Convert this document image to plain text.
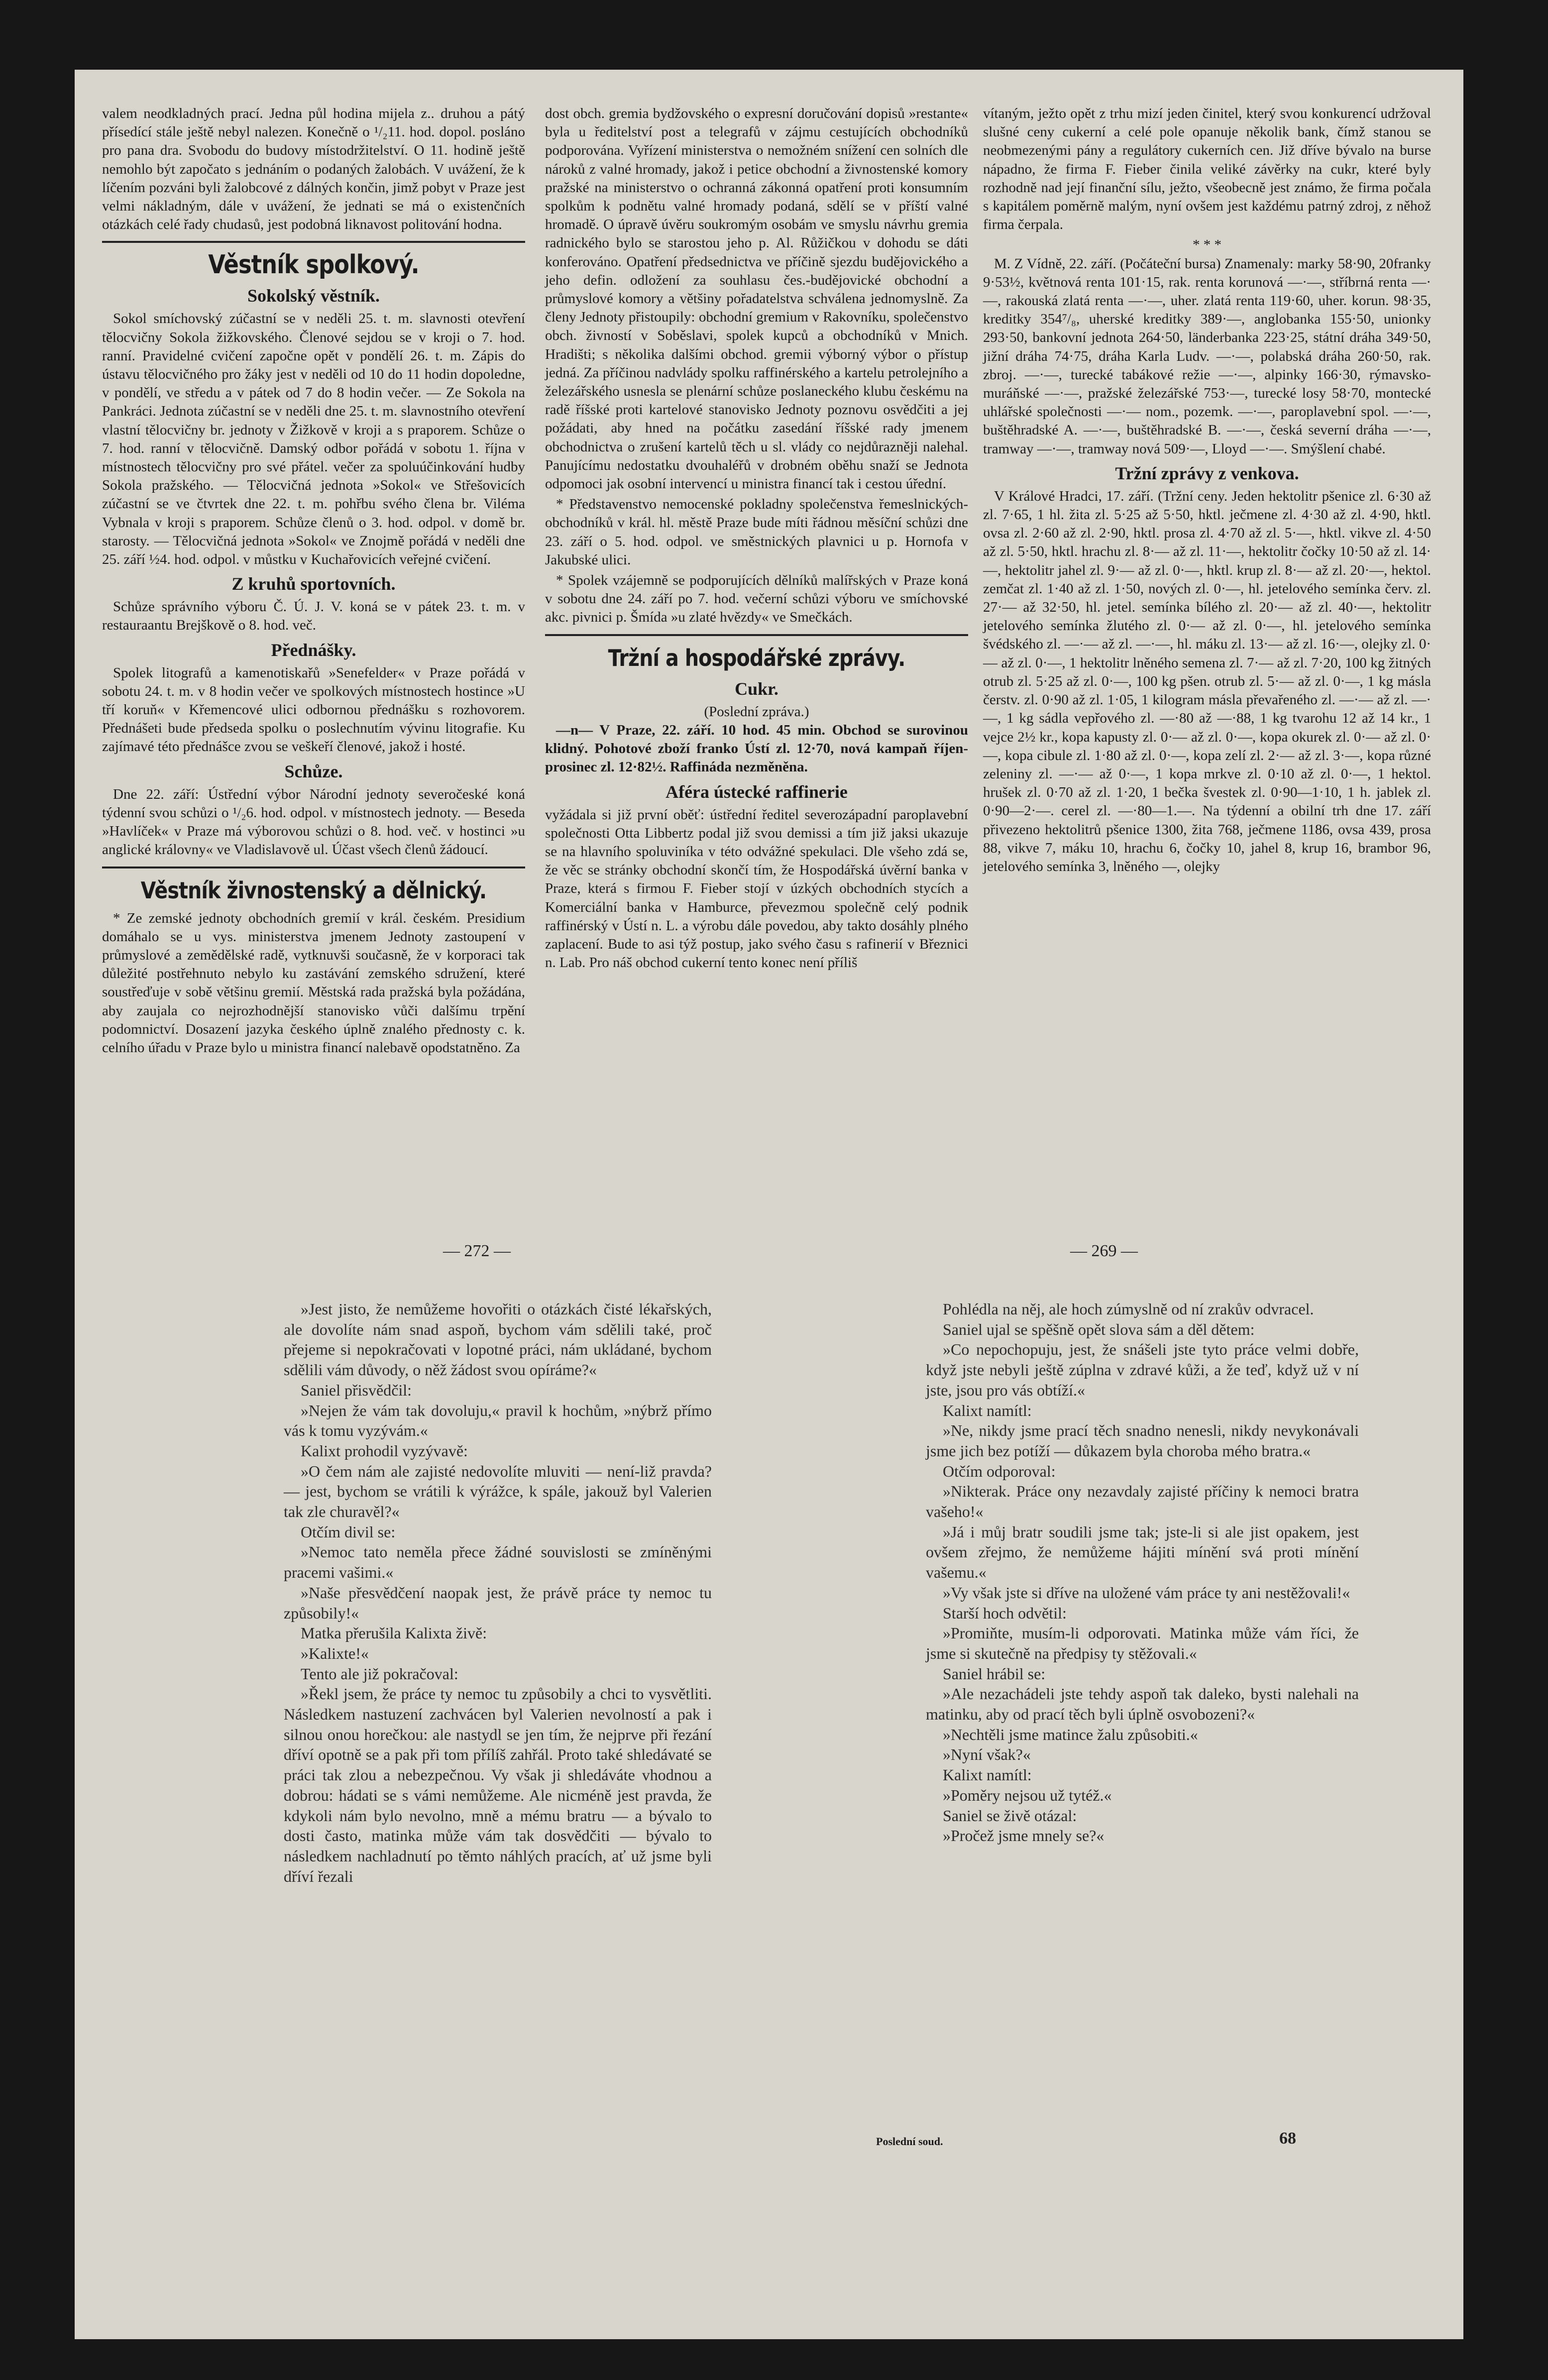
valem neodkladných prací. Jedna půl hodina mijela z.. druhou a pátý přísedící stále ještě nebyl nalezen. Konečně o ¹/₂11. hod. dopol. posláno pro pana dra. Svobodu do budovy místodržitelství. O 11. hodině ještě nemohlo být započato s jednáním o podaných žalobách. V uvážení, že k líčením pozváni byli žalobcové z dálných končin, jimž pobyt v Praze jest velmi nákladným, dále v uvážení, že jednati se má o existenčních otázkách celé řady chudasů, jest podobná liknavost politování hodna.

Věstník spolkový.
Sokolský věstník.

Sokol smíchovský zúčastní se v neděli 25. t. m. slavnosti otevření tělocvičny Sokola žižkovského. Členové sejdou se v kroji o 7. hod. ranní. Pravidelné cvičení započne opět v pondělí 26. t. m. Zápis do ústavu tělocvičného pro žáky jest v neděli od 10 do 11 hodin dopoledne, v pondělí, ve středu a v pátek od 7 do 8 hodin večer. — Ze Sokola na Pankráci. Jednota zúčastní se v neděli dne 25. t. m. slavnostního otevření vlastní tělocvičny br. jednoty v Žižkově v kroji a s praporem. Schůze o 7. hod. ranní v tělocvičně. Damský odbor pořádá v sobotu 1. října v místnostech tělocvičny pro své přátel. večer za spoluúčinkování hudby Sokola pražského. — Tělocvičná jednota »Sokol« ve Střešovicích zúčastní se ve čtvrtek dne 22. t. m. pohřbu svého člena br. Viléma Vybnala v kroji s praporem. Schůze členů o 3. hod. odpol. v domě br. starosty. — Tělocvičná jednota »Sokol« ve Znojmě pořádá v neděli dne 25. září ½4. hod. odpol. v můstku v Kuchařovicích veřejné cvičení.

Z kruhů sportovních.

Schůze správního výboru Č. Ú. J. V. koná se v pátek 23. t. m. v restauraantu Brejškově o 8. hod. več.

Přednášky.

Spolek litografů a kamenotiskařů »Senefelder« v Praze pořádá v sobotu 24. t. m. v 8 hodin večer ve spolkových místnostech hostince »U tří koruň« v Křemencové ulici odbornou přednášku s rozhovorem. Přednášeti bude předseda spolku o poslechnutím vývinu litografie. Ku zajímavé této přednášce zvou se veškeří členové, jakož i hosté.

Schůze.

Dne 22. září: Ústřední výbor Národní jednoty severočeské koná týdenní svou schůzi o ¹/₂6. hod. odpol. v místnostech jednoty. — Beseda »Havlíček« v Praze má výborovou schůzi o 8. hod. več. v hostinci »u anglické královny« ve Vladislavově ul. Účast všech členů žádoucí.

Věstník živnostenský a dělnický.

* Ze zemské jednoty obchodních gremií v král. českém. Presidium domáhalo se u vys. ministerstva jmenem Jednoty zastoupení v průmyslové a zemědělské radě, vytknuvši současně, že v korporaci tak důležité postřehnuto nebylo ku zastávání zemského sdružení, které soustřeďuje v sobě většinu gremií. Městská rada pražská byla požádána, aby zaujala co nejrozhodnější stanovisko vůči dalšímu trpění podomnictví. Dosazení jazyka českého úplně znalého přednosty c. k. celního úřadu v Praze bylo u ministra financí nalebavě opodstatněno. Za

dost obch. gremia bydžovského o expresní doručování dopisů »restante« byla u ředitelství post a telegrafů v zájmu cestujících obchodníků podporována. Vyřízení ministerstva o nemožném snížení cen solních dle nároků z valné hromady, jakož i petice obchodní a živnostenské komory pražské na ministerstvo o ochranná zákonná opatření proti konsumním spolkům k podnětu valné hromady podaná, sdělí se v příští valné hromadě. O úpravě úvěru soukromým osobám ve smyslu návrhu gremia radnického bylo se starostou jeho p. Al. Růžičkou v dohodu se dáti konferováno. Opatření předsednictva ve příčině sjezdu budějovického a jeho defin. odložení za souhlasu čes.-budějovické obchodní a průmyslové komory a většiny pořadatelstva schválena jednomyslně. Za členy Jednoty přistoupily: obchodní gremium v Rakovníku, společenstvo obch. živností v Soběslavi, spolek kupců a obchodníků v Mnich. Hradišti; s několika dalšími obchod. gremii výborný výbor o přístup jedná. Za příčinou nadvlády spolku raffinérského a kartelu petrolejního a železářského usnesla se plenární schůze poslaneckého klubu českému na radě říšské proti kartelové stanovisko Jednoty poznovu osvědčiti a jej požádati, aby hned na počátku zasedání říšské rady jmenem obchodnictva o zrušení kartelů těch u sl. vlády co nejdůrazněji nalehal. Panujícímu nedostatku dvouhaléřů v drobném oběhu snaží se Jednota odpomoci jak osobní intervencí u ministra financí tak i cestou úřední.

* Představenstvo nemocenské pokladny společenstva řemeslnických-obchodníků v král. hl. městě Praze bude míti řádnou měsíční schůzi dne 23. září o 5. hod. odpol. ve směstnických plavnici u p. Hornofa v Jakubské ulici.

* Spolek vzájemně se podporujících dělníků malířských v Praze koná v sobotu dne 24. září po 7. hod. večerní schůzi výboru ve smíchovské akc. pivnici p. Šmída »u zlaté hvězdy« ve Smečkách.

Tržní a hospodářské zprávy.
Cukr.
(Poslední zpráva.)

—n— V Praze, 22. září. 10 hod. 45 min. Obchod se surovinou klidný. Pohotové zboží franko Ústí zl. 12·70, nová kampaň říjen-prosinec zl. 12·82½. Raffináda nezměněna.

Aféra ústecké raffinerie

vyžádala si již první oběť: ústřední ředitel severozápadní paroplavební společnosti Otta Libbertz podal již svou demissi a tím již jaksi ukazuje se na hlavního spoluviníka v této odvážné spekulaci. Dle všeho zdá se, že věc se stránky obchodní skončí tím, že Hospodářská úvěrní banka v Praze, která s firmou F. Fieber stojí v úzkých obchodních stycích a Komerciální banka v Hamburce, převezmou společně celý podnik raffinérský v Ústí n. L. a výrobu dále povedou, aby takto dosáhly plného zaplacení. Bude to asi týž postup, jako svého času s rafinerií v Březnici n. Lab. Pro náš obchod cukerní tento konec není příliš

vítaným, ježto opět z trhu mizí jeden činitel, který svou konkurencí udržoval slušné ceny cukerní a celé pole opanuje několik bank, čímž stanou se neobmezenými pány a regulátory cukerních cen. Již dříve bývalo na burse nápadno, že firma F. Fieber činila veliké závěrky na cukr, které byly rozhodně nad její finanční sílu, ježto, všeobecně jest známo, že firma počala s kapitálem poměrně malým, nyní ovšem jest každému patrný zdroj, z něhož firma čerpala.

* * *

M. Z Vídně, 22. září. (Počáteční bursa) Znamenaly: marky 58·90, 20franky 9·53½, květnová renta 101·15, rak. renta korunová —·—, stříbrná renta —·—, rakouská zlatá renta —·—, uher. zlatá renta 119·60, uher. korun. 98·35, kreditky 354⁷/₈, uherské kreditky 389·—, anglobanka 155·50, unionky 293·50, bankovní jednota 264·50, länderbanka 223·25, státní dráha 349·50, jižní dráha 74·75, dráha Karla Ludv. —·—, polabská dráha 260·50, rak. zbroj. —·—, turecké tabákové režie —·—, alpinky 166·30, rýmavsko-muráňské —·—, pražské železářské 753·—, turecké losy 58·70, montecké uhlářské společnosti —·— nom., pozemk. —·—, paroplavební spol. —·—, buštěhradské A. —·—, buštěhradské B. —·—, česká severní dráha —·—, tramway —·—, tramway nová 509·—, Lloyd —·—. Smýšlení chabé.

Tržní zprávy z venkova.

V Králové Hradci, 17. září. (Tržní ceny. Jeden hektolitr pšenice zl. 6·30 až zl. 7·65, 1 hl. žita zl. 5·25 až 5·50, hktl. ječmene zl. 4·30 až zl. 4·90, hktl. ovsa zl. 2·60 až zl. 2·90, hktl. prosa zl. 4·70 až zl. 5·—, hktl. vikve zl. 4·50 až zl. 5·50, hktl. hrachu zl. 8·— až zl. 11·—, hektolitr čočky 10·50 až zl. 14·—, hektolitr jahel zl. 9·— až zl. 0·—, hktl. krup zl. 8·— až zl. 20·—, hektol. zemčat zl. 1·40 až zl. 1·50, nových zl. 0·—, hl. jetelového semínka červ. zl. 27·— až 32·50, hl. jetel. semínka bílého zl. 20·— až zl. 40·—, hektolitr jetelového semínka žlutého zl. 0·— až zl. 0·—, hl. jetelového semínka švédského zl. —·— až zl. —·—, hl. máku zl. 13·— až zl. 16·—, olejky zl. 0·— až zl. 0·—, 1 hektolitr lněného semena zl. 7·— až zl. 7·20, 100 kg žitných otrub zl. 5·25 až zl. 0·—, 100 kg pšen. otrub zl. 5·— až zl. 0·—, 1 kg másla čerstv. zl. 0·90 až zl. 1·05, 1 kilogram másla převařeného zl. —·— až zl. —·—, 1 kg sádla vepřového zl. —·80 až —·88, 1 kg tvarohu 12 až 14 kr., 1 vejce 2½ kr., kopa kapusty zl. 0·— až zl. 0·—, kopa okurek zl. 0·— až zl. 0·—, kopa cibule zl. 1·80 až zl. 0·—, kopa zelí zl. 2·— až zl. 3·—, kopa různé zeleniny zl. —·— až 0·—, 1 kopa mrkve zl. 0·10 až zl. 0·—, 1 hektol. hrušek zl. 0·70 až zl. 1·20, 1 bečka švestek zl. 0·90—1·10, 1 h. jablek zl. 0·90—2·—. cerel zl. —·80—1.—. Na týdenní a obilní trh dne 17. září přivezeno hektolitrů pšenice 1300, žita 768, ječmene 1186, ovsa 439, prosa 88, vikve 7, máku 10, hrachu 6, čočky 10, jahel 8, krup 16, brambor 96, jetelového semínka 3, lněného —, olejky

— 272 —	— 269 —

»Jest jisto, že nemůžeme hovořiti o otázkách čisté lékařských, ale dovolíte nám snad aspoň, bychom vám sdělili také, proč přejeme si nepokračovati v lopotné práci, nám ukládané, bychom sdělili vám důvody, o něž žádost svou opíráme?«

Saniel přisvědčil:

»Nejen že vám tak dovoluju,« pravil k hochům, »nýbrž přímo vás k tomu vyzývám.«

Kalixt prohodil vyzývavě:

»O čem nám ale zajisté nedovolíte mluviti — není-liž pravda? — jest, bychom se vrátili k výrážce, k spále, jakouž byl Valerien tak zle churavěl?«

Otčím divil se:

»Nemoc tato neměla přece žádné souvislosti se zmíněnými pracemi vašimi.«

»Naše přesvědčení naopak jest, že právě práce ty nemoc tu způsobily!«

Matka přerušila Kalixta živě:

»Kalixte!«

Tento ale již pokračoval:

»Řekl jsem, že práce ty nemoc tu způsobily a chci to vysvětliti. Následkem nastuzení zachvácen byl Valerien nevolností a pak i silnou onou horečkou: ale nastydl se jen tím, že nejprve při řezání dříví opotně se a pak při tom přílíš zahřál. Proto také shledávaté se práci tak zlou a nebezpečnou. Vy však ji shledáváte vhodnou a dobrou: hádati se s vámi nemůžeme. Ale nicméně jest pravda, že kdykoli nám bylo nevolno, mně a mému bratru — a bývalo to dosti často, matinka může vám tak dosvědčiti — bývalo to následkem nachladnutí po těmto náhlých pracích, ať už jsme byli dříví řezali

Pohlédla na něj, ale hoch zúmyslně od ní zrakův odvracel.

Saniel ujal se spěšně opět slova sám a děl dětem:

»Co nepochopuju, jest, že snášeli jste tyto práce velmi dobře, když jste nebyli ještě zúplna v zdravé kůži, a že teď, když už v ní jste, jsou pro vás obtíží.«

Kalixt namítl:

»Ne, nikdy jsme prací těch snadno nenesli, nikdy nevykonávali jsme jich bez potíží — důkazem byla choroba mého bratra.«

Otčím odporoval:

»Nikterak. Práce ony nezavdaly zajisté příčiny k nemoci bratra vašeho!«

»Já i můj bratr soudili jsme tak; jste-li si ale jist opakem, jest ovšem zřejmo, že nemůžeme hájiti mínění svá proti mínění vašemu.«

»Vy však jste si dříve na uložené vám práce ty ani nestěžovali!«

Starší hoch odvětil:

»Promiňte, musím-li odporovati. Matinka může vám říci, že jsme si skutečně na předpisy ty stěžovali.«

Saniel hrábil se:

»Ale nezachádeli jste tehdy aspoň tak daleko, bysti nalehali na matinku, aby od prací těch byli úplně osvobozeni?«

»Nechtěli jsme matince žalu způsobiti.«

»Nyní však?«

Kalixt namítl:

»Poměry nejsou už tytéž.«

Saniel se živě otázal:

»Pročež jsme mnely se?«

Poslední soud.	68
